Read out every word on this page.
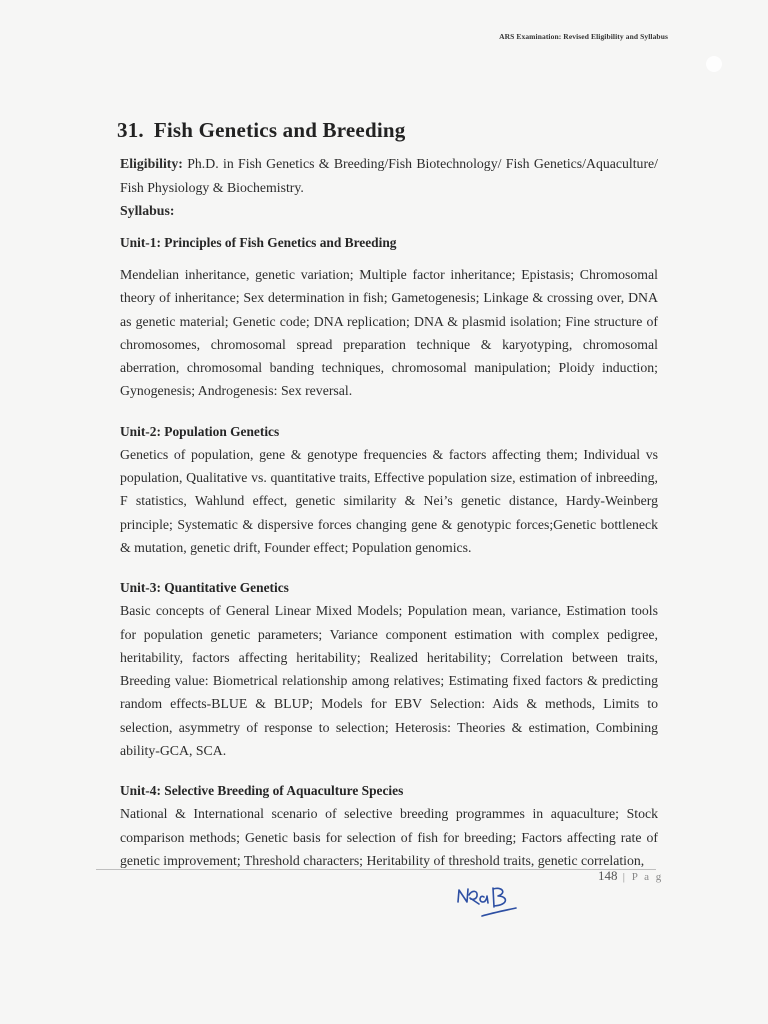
ARS Examination: Revised Eligibility and Syllabus
31. Fish Genetics and Breeding
Eligibility: Ph.D. in Fish Genetics & Breeding/Fish Biotechnology/ Fish Genetics/Aquaculture/ Fish Physiology & Biochemistry.
Syllabus:

Unit-1: Principles of Fish Genetics and Breeding

Mendelian inheritance, genetic variation; Multiple factor inheritance; Epistasis; Chromosomal theory of inheritance; Sex determination in fish; Gametogenesis; Linkage & crossing over, DNA as genetic material; Genetic code; DNA replication; DNA & plasmid isolation; Fine structure of chromosomes, chromosomal spread preparation technique & karyotyping, chromosomal aberration, chromosomal banding techniques, chromosomal manipulation; Ploidy induction; Gynogenesis; Androgenesis: Sex reversal.

Unit-2: Population Genetics

Genetics of population, gene & genotype frequencies & factors affecting them; Individual vs population, Qualitative vs. quantitative traits, Effective population size, estimation of inbreeding, F statistics, Wahlund effect, genetic similarity & Nei’s genetic distance, Hardy-Weinberg principle; Systematic & dispersive forces changing gene & genotypic forces;Genetic bottleneck & mutation, genetic drift, Founder effect; Population genomics.

Unit-3: Quantitative Genetics

Basic concepts of General Linear Mixed Models; Population mean, variance, Estimation tools for population genetic parameters; Variance component estimation with complex pedigree, heritability, factors affecting heritability; Realized heritability; Correlation between traits, Breeding value: Biometrical relationship among relatives; Estimating fixed factors & predicting random effects-BLUE & BLUP; Models for EBV Selection: Aids & methods, Limits to selection, asymmetry of response to selection; Heterosis: Theories & estimation, Combining ability-GCA, SCA.

Unit-4: Selective Breeding of Aquaculture Species

National & International scenario of selective breeding programmes in aquaculture; Stock comparison methods; Genetic basis for selection of fish for breeding; Factors affecting rate of genetic improvement; Threshold characters; Heritability of threshold traits, genetic correlation,

148 | P a g
